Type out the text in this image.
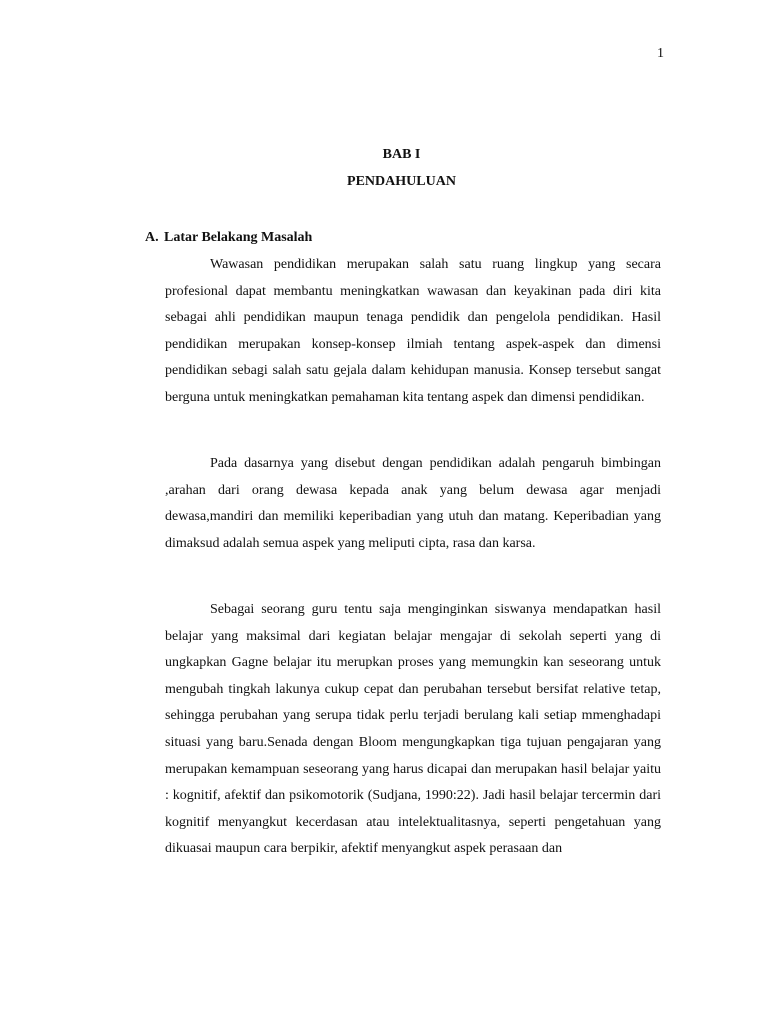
1
BAB I
PENDAHULUAN
A. Latar Belakang Masalah

Wawasan pendidikan merupakan salah satu ruang lingkup yang secara profesional dapat membantu meningkatkan wawasan dan keyakinan pada diri kita sebagai ahli pendidikan maupun tenaga pendidik dan pengelola pendidikan. Hasil pendidikan merupakan konsep-konsep ilmiah tentang aspek-aspek dan dimensi pendidikan sebagi salah satu gejala dalam kehidupan manusia. Konsep tersebut sangat berguna untuk meningkatkan pemahaman kita tentang aspek dan dimensi pendidikan.

Pada dasarnya yang disebut dengan pendidikan adalah pengaruh bimbingan ,arahan dari orang dewasa kepada anak yang belum dewasa agar menjadi dewasa,mandiri dan memiliki keperibadian yang utuh dan matang. Keperibadian yang dimaksud adalah semua aspek yang meliputi cipta, rasa dan karsa.

Sebagai seorang guru tentu saja menginginkan siswanya mendapatkan hasil belajar yang maksimal dari kegiatan belajar mengajar di sekolah seperti yang di ungkapkan Gagne belajar itu merupkan proses yang memungkin kan seseorang untuk mengubah tingkah lakunya cukup cepat dan perubahan tersebut bersifat relative tetap, sehingga perubahan yang serupa tidak perlu terjadi berulang kali setiap mmenghadapi situasi yang baru.Senada dengan Bloom mengungkapkan tiga tujuan pengajaran yang merupakan kemampuan seseorang yang harus dicapai dan merupakan hasil belajar yaitu : kognitif, afektif dan psikomotorik (Sudjana, 1990:22). Jadi hasil belajar tercermin dari kognitif menyangkut kecerdasan atau intelektualitasnya, seperti pengetahuan yang dikuasai maupun cara berpikir, afektif menyangkut aspek perasaan dan
